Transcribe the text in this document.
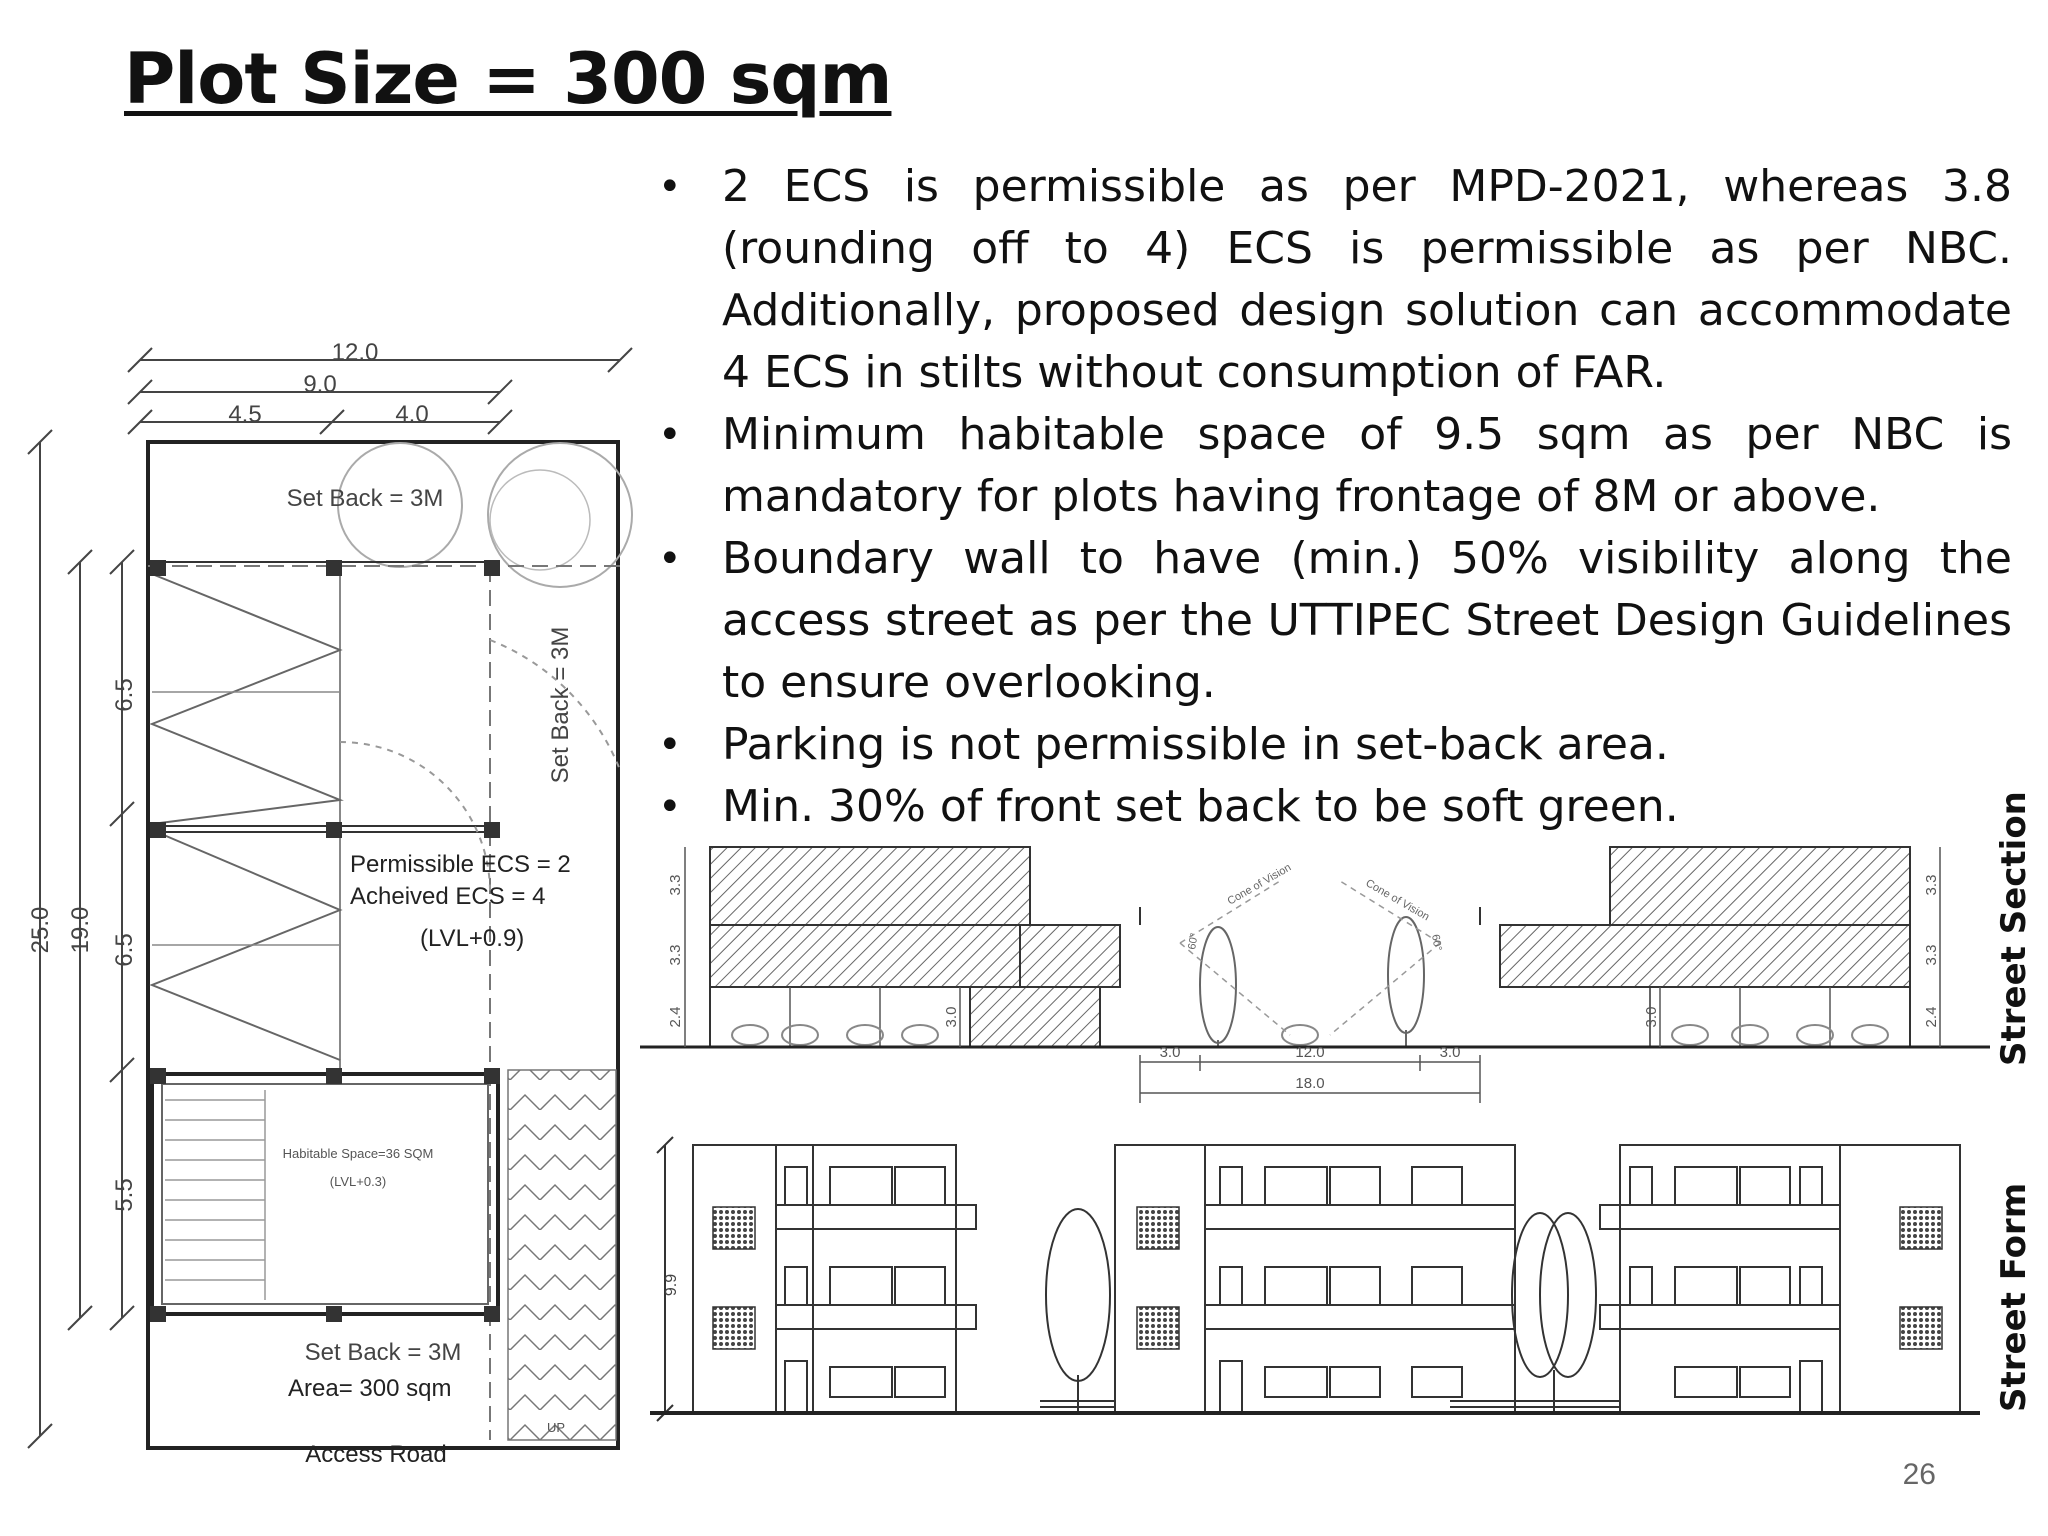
Plot Size = 300 sqm
• 2 ECS is permissible as per MPD-2021, whereas 3.8 (rounding off to 4) ECS is permissible as per NBC. Additionally, proposed design solution can accommodate 4 ECS in stilts without consumption of FAR.
• Minimum habitable space of 9.5 sqm as per NBC is mandatory for plots having frontage of 8M or above.
• Boundary wall to have (min.) 50% visibility along the access street as per the UTTIPEC Street Design Guidelines to ensure overlooking.
• Parking is not permissible in set-back area.
• Min. 30% of front set back to be soft green.
12.0
9.0
4.5	4.0
25.0 19.0
6.5
6.5
5.5
Set Back = 3M
Set Back = 3M
Set Back = 3M
Permissible ECS = 2
Acheived ECS = 4
(LVL+0.9)
Area= 300 sqm
Access Road
Habitable Space=36 SQM
(LVL+0.3)
UP
3.0	12.0	3.0
18.0
3.3
3.3
2.4	3.0
3.3
3.3
2.4
3.0
Cone of Vision	Cone of Vision
60°	60°
9.9
Street Section
Street Form
26
